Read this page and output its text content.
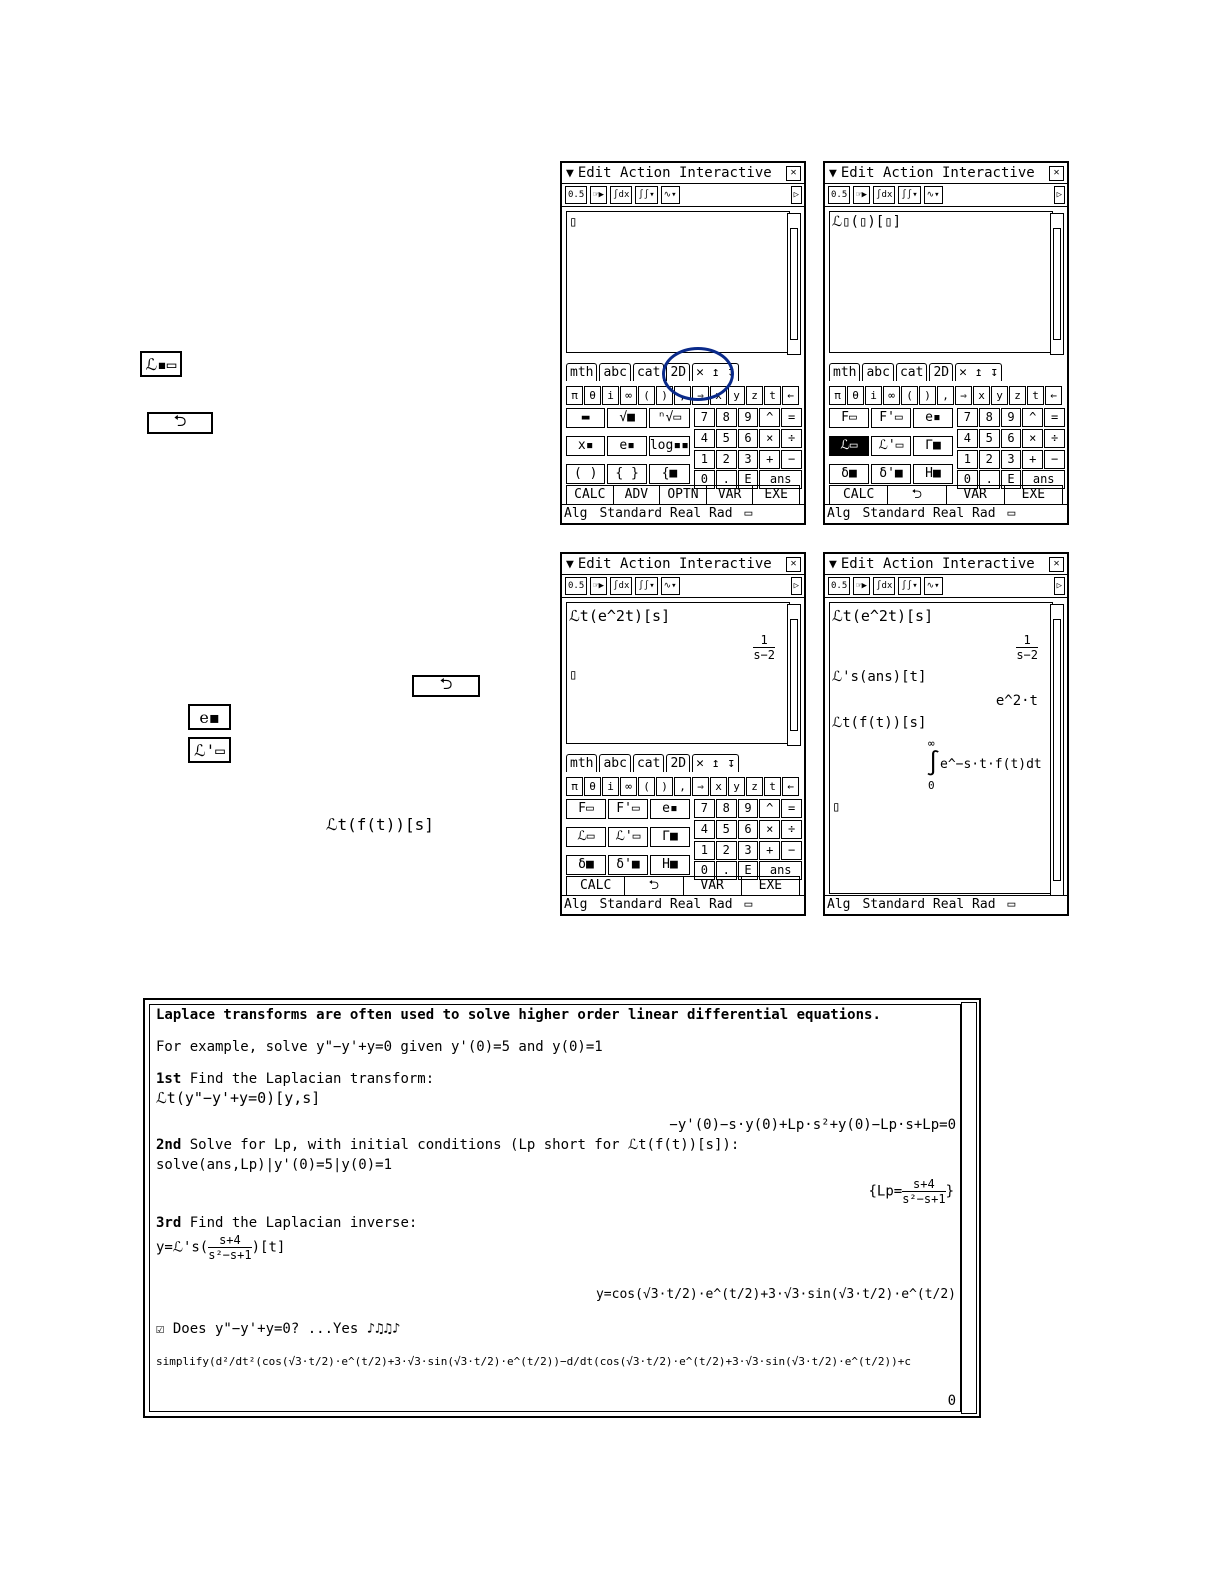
ℒ▪▭
⮌
⮌
e▪
ℒ'▭
ℒt(f(t))[s]
▼ Edit Action Interactive	✕
0.5	☞▶	∫dx	∫∫▾	∿▾	▷
▯
mth abc cat 2D ✕ ↥ ↧
π	θ	i	∞	(	)	,	⇒	x	y	z	t	←
▬	√■	ⁿ√▭
x▪	e▪	log▪▪
( )	{ }	{■
7	8	9	^	=
4	5	6	×	÷
1	2	3	+	−
0	.	E	ans
CALC	ADV	OPTN	VAR	EXE
Alg Standard Real Rad ▭
▼ Edit Action Interactive	✕
0.5	☞▶	∫dx	∫∫▾	∿▾	▷
ℒ▯(▯)[▯]
mth abc cat 2D ✕ ↥ ↧
π	θ	i	∞	(	)	,	⇒	x	y	z	t	←
F▭	F'▭	e▪
ℒ▭	ℒ'▭	Γ■
δ■	δ'■	H■
7	8	9	^	=
4	5	6	×	÷
1	2	3	+	−
0	.	E	ans
CALC	⮌	VAR	EXE
Alg Standard Real Rad ▭
▼ Edit Action Interactive	✕
0.5	☞▶	∫dx	∫∫▾	∿▾	▷
ℒt(e^2t)[s]
$\frac{1}{s-2}$
▯
mth abc cat 2D ✕ ↥ ↧
π	θ	i	∞	(	)	,	⇒	x	y	z	t	←
F▭	F'▭	e▪
ℒ▭	ℒ'▭	Γ■
δ■	δ'■	H■
7	8	9	^	=
4	5	6	×	÷
1	2	3	+	−
0	.	E	ans
CALC	⮌	VAR	EXE
Alg Standard Real Rad ▭
▼ Edit Action Interactive	✕
0.5	☞▶	∫dx	∫∫▾	∿▾	▷
ℒt(e^2t)[s]
$\frac{1}{s-2}$
ℒ's(ans)[t]
e^2·t
ℒt(f(t))[s]
∞
∫ e^−s·t·f(t)dt
0
▯
Alg Standard Real Rad ▭
Laplace transforms are often used to solve higher order linear differential equations.
For example, solve y"−y'+y=0 given y'(0)=5 and y(0)=1
1st Find the Laplacian transform:
ℒt(y"−y'+y=0)[y,s]
−y'(0)−s·y(0)+Lp·s²+y(0)−Lp·s+Lp=0
2nd Solve for Lp, with initial conditions (Lp short for ℒt(f(t))[s]):
solve(ans,Lp)|y'(0)=5|y(0)=1
{$Lp= \frac{s+4}{\text{s²−s+1}}$ }
3rd Find the Laplacian inverse:
y=ℒ's( $\frac{s+4}{\text{s²−s+1}} )[t]$
y=cos(√3·t/2)·e^(t/2)+3·√3·sin(√3·t/2)·e^(t/2)
☑ Does y"−y'+y=0? ...Yes ♪♫♫♪
simplify(d²/dt²(cos(√3·t/2)·e^(t/2)+3·√3·sin(√3·t/2)·e^(t/2))−d/dt(cos(√3·t/2)·e^(t/2)+3·√3·sin(√3·t/2)·e^(t/2))+c
0
